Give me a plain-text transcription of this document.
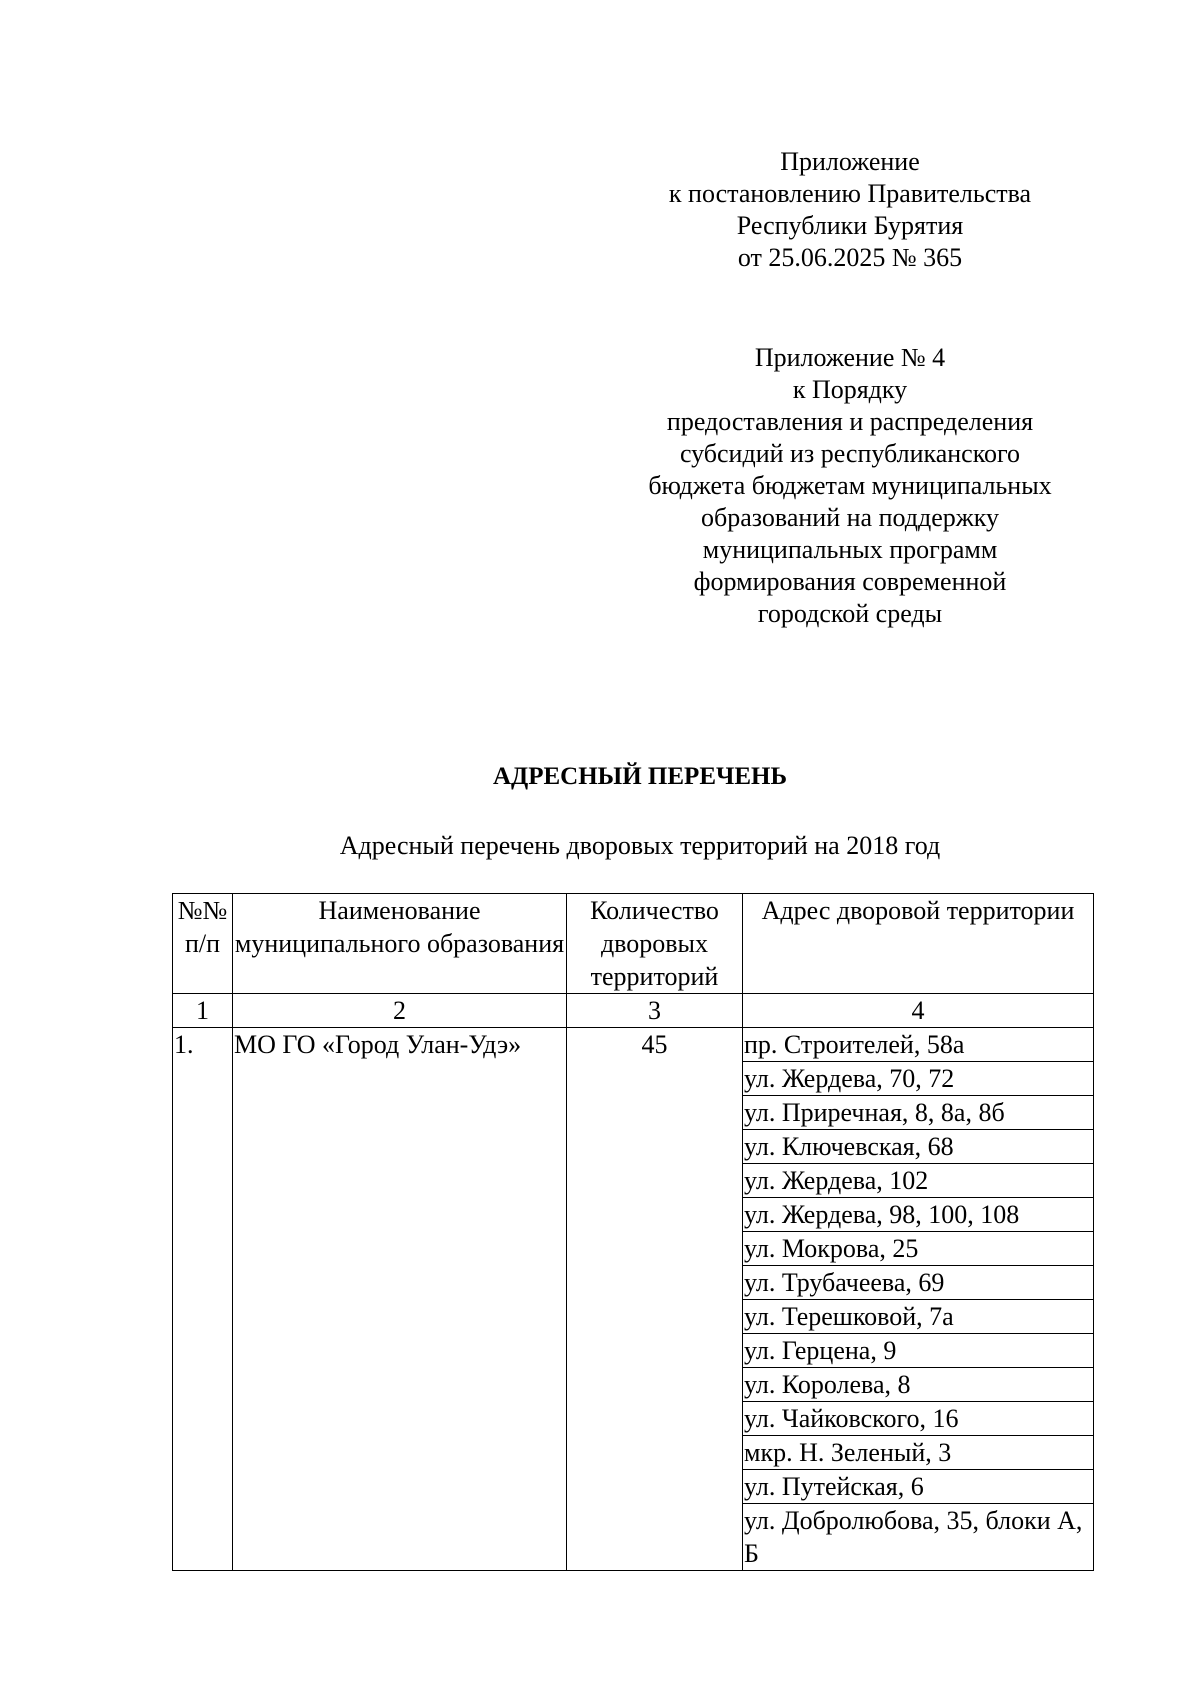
Приложение
к постановлению Правительства
Республики Бурятия
от 25.06.2025 № 365
Приложение № 4
к Порядку
предоставления и распределения
субсидий из республиканского
бюджета бюджетам муниципальных
образований на поддержку
муниципальных программ
формирования современной
городской среды
АДРЕСНЫЙ ПЕРЕЧЕНЬ
Адресный перечень дворовых территорий на 2018 год
№№ п/п	Наименование муниципального образования	Количество дворовых территорий	Адрес дворовой территории
1	2	3	4
1.	МО ГО «Город Улан-Удэ»	45	пр. Строителей, 58а
			ул. Жердева, 70, 72
			ул. Приречная, 8, 8а, 8б
			ул. Ключевская, 68
			ул. Жердева, 102
			ул. Жердева, 98, 100, 108
			ул. Мокрова, 25
			ул. Трубачеева, 69
			ул. Терешковой, 7а
			ул. Герцена, 9
			ул. Королева, 8
			ул. Чайковского, 16
			мкр. Н. Зеленый, 3
			ул. Путейская, 6
			ул. Добролюбова, 35, блоки А, Б
